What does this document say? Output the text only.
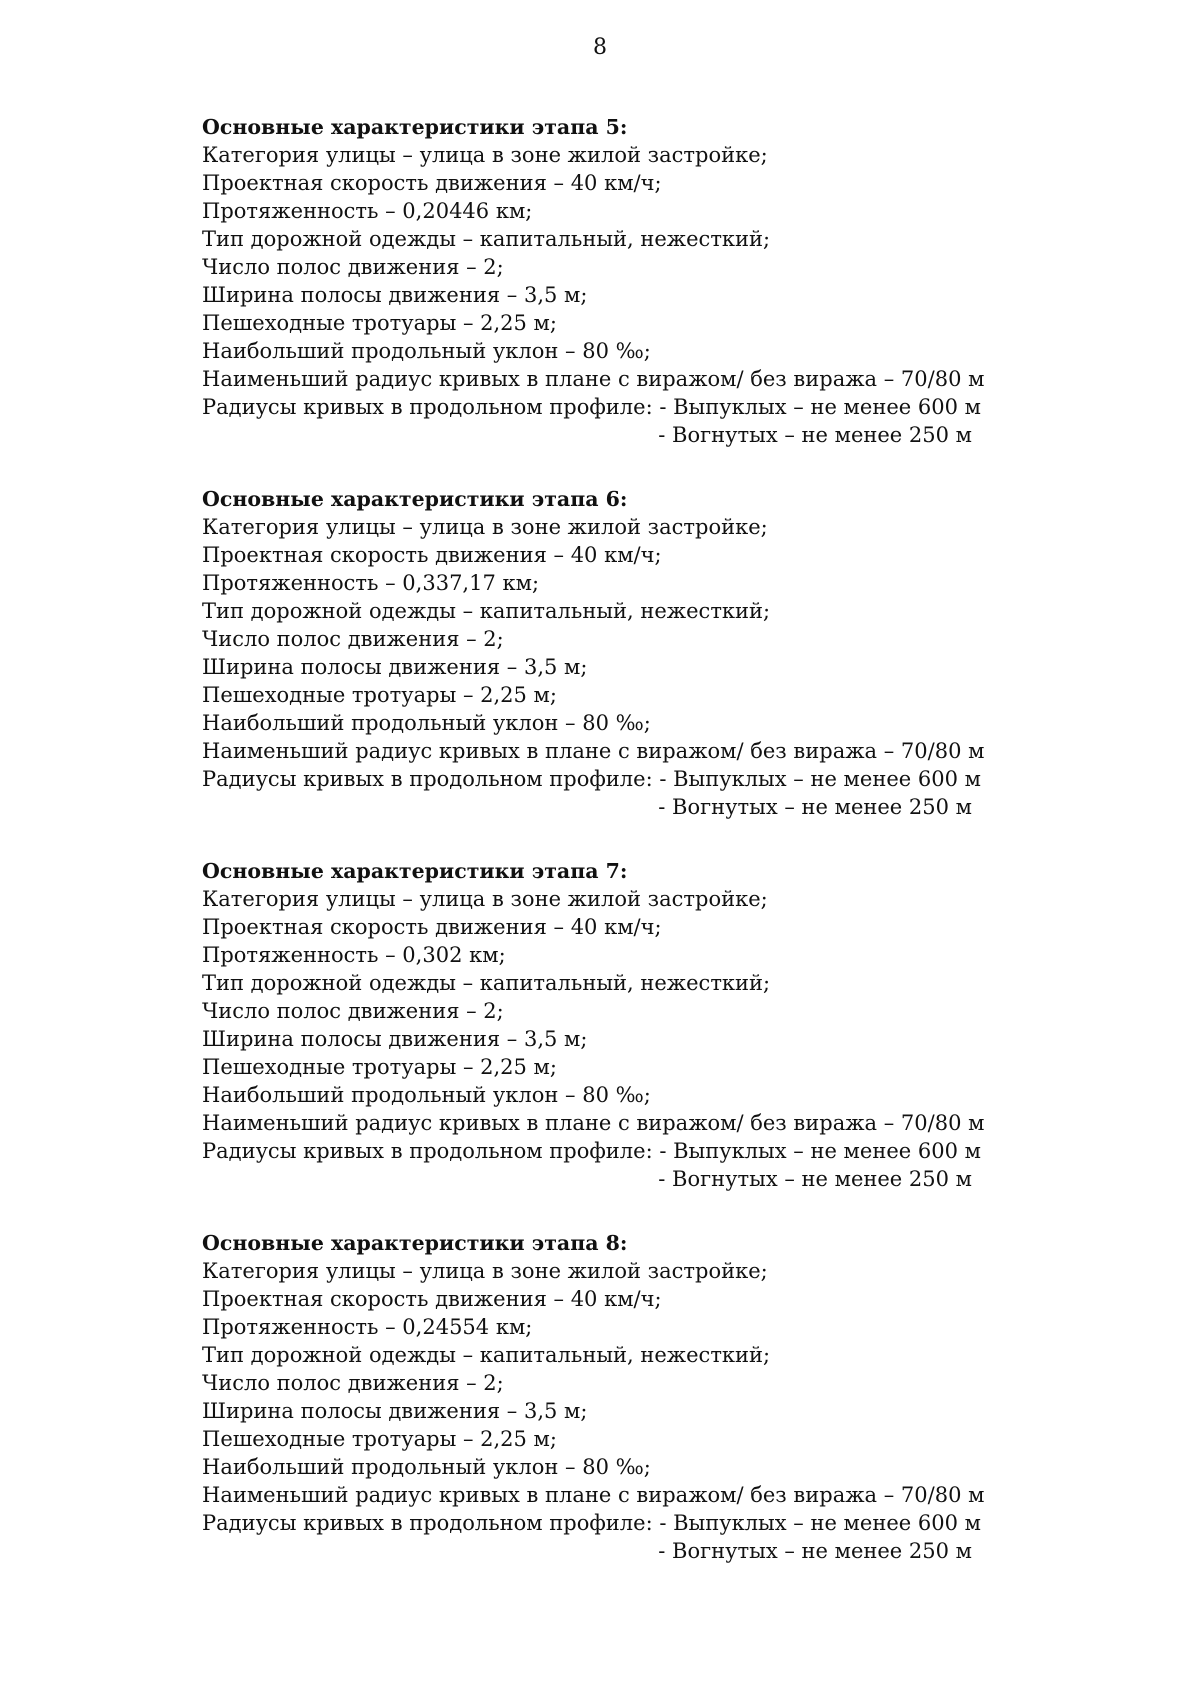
8

Основные характеристики этапа 5:

Категория улицы – улица в зоне жилой застройке;

Проектная скорость движения – 40 км/ч;

Протяженность – 0,20446 км;

Тип дорожной одежды – капитальный, нежесткий;

Число полос движения – 2;

Ширина полосы движения – 3,5 м;

Пешеходные тротуары – 2,25 м;

Наибольший продольный уклон – 80 ‰;

Наименьший радиус кривых в плане с виражом/ без виража – 70/80 м

Радиусы кривых в продольном профиле: - Выпуклых – не менее 600 м

- Вогнутых – не менее 250 м

Основные характеристики этапа 6:

Категория улицы – улица в зоне жилой застройке;

Проектная скорость движения – 40 км/ч;

Протяженность – 0,337,17 км;

Тип дорожной одежды – капитальный, нежесткий;

Число полос движения – 2;

Ширина полосы движения – 3,5 м;

Пешеходные тротуары – 2,25 м;

Наибольший продольный уклон – 80 ‰;

Наименьший радиус кривых в плане с виражом/ без виража – 70/80 м

Радиусы кривых в продольном профиле: - Выпуклых – не менее 600 м

- Вогнутых – не менее 250 м

Основные характеристики этапа 7:

Категория улицы – улица в зоне жилой застройке;

Проектная скорость движения – 40 км/ч;

Протяженность – 0,302 км;

Тип дорожной одежды – капитальный, нежесткий;

Число полос движения – 2;

Ширина полосы движения – 3,5 м;

Пешеходные тротуары – 2,25 м;

Наибольший продольный уклон – 80 ‰;

Наименьший радиус кривых в плане с виражом/ без виража – 70/80 м

Радиусы кривых в продольном профиле: - Выпуклых – не менее 600 м

- Вогнутых – не менее 250 м

Основные характеристики этапа 8:

Категория улицы – улица в зоне жилой застройке;

Проектная скорость движения – 40 км/ч;

Протяженность – 0,24554 км;

Тип дорожной одежды – капитальный, нежесткий;

Число полос движения – 2;

Ширина полосы движения – 3,5 м;

Пешеходные тротуары – 2,25 м;

Наибольший продольный уклон – 80 ‰;

Наименьший радиус кривых в плане с виражом/ без виража – 70/80 м

Радиусы кривых в продольном профиле: - Выпуклых – не менее 600 м

- Вогнутых – не менее 250 м
